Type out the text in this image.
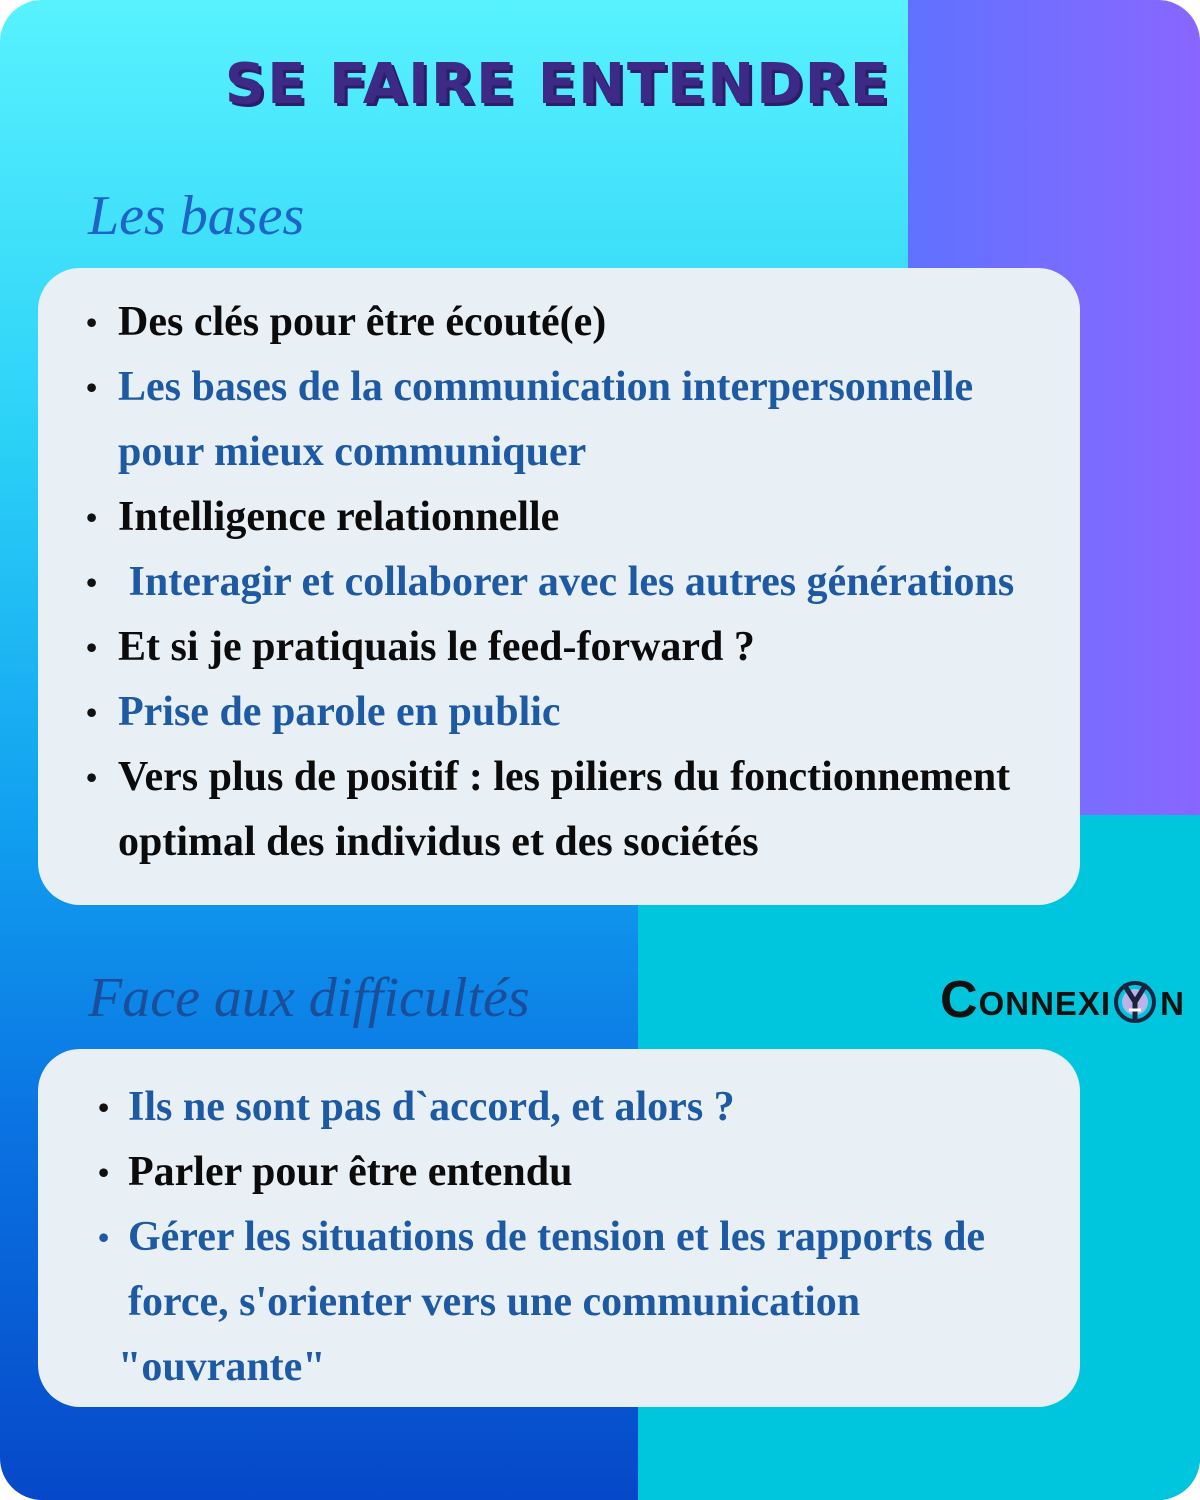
SE FAIRE ENTENDRE
Les bases
• Des clés pour être écouté(e)
• Les bases de la communication interpersonnelle pour mieux communiquer
• Intelligence relationnelle
•  Interagir et collaborer avec les autres générations
• Et si je pratiquais le feed-forward ?
• Prise de parole en public
• Vers plus de positif : les piliers du fonctionnement optimal des individus et des sociétés
Face aux difficultés	C ONNEXI N
• Ils ne sont pas d`accord, et alors ?
• Parler pour être entendu
• Gérer les situations de tension et les rapports de force, s'orienter vers une communication
"ouvrante"
